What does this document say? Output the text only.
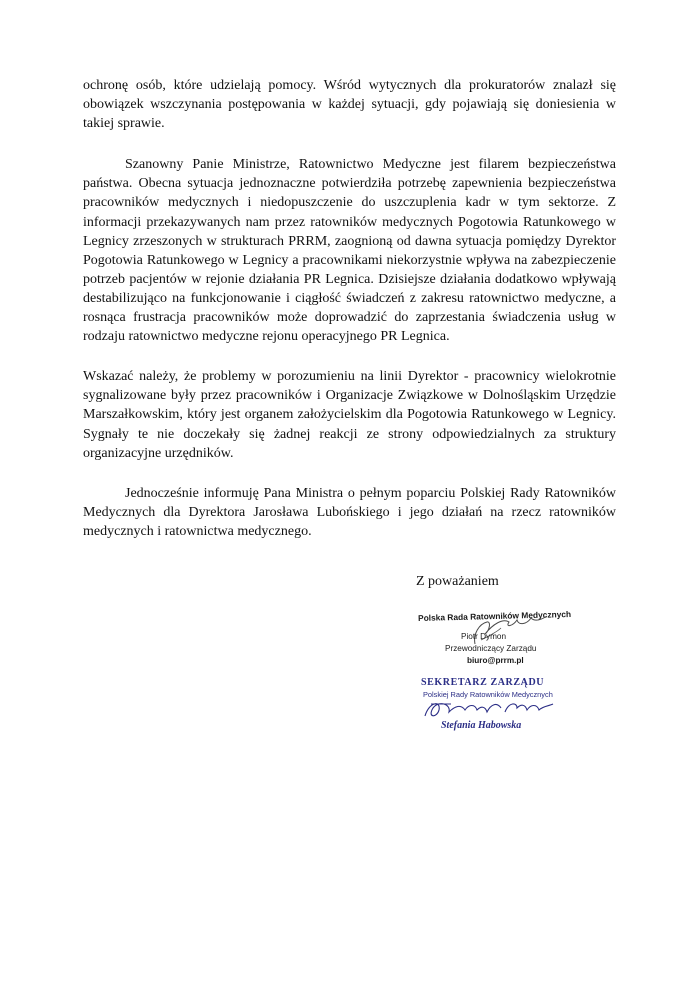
ochronę osób, które udzielają pomocy. Wśród wytycznych dla prokuratorów znalazł się obowiązek wszczynania postępowania w każdej sytuacji, gdy pojawiają się doniesienia w takiej sprawie.

Szanowny Panie Ministrze, Ratownictwo Medyczne jest filarem bezpieczeństwa państwa. Obecna sytuacja jednoznaczne potwierdziła potrzebę zapewnienia bezpieczeństwa pracowników medycznych i niedopuszczenie do uszczuplenia kadr w tym sektorze. Z informacji przekazywanych nam przez ratowników medycznych Pogotowia Ratunkowego w Legnicy zrzeszonych w strukturach PRRM, zaognioną od dawna sytuacja pomiędzy Dyrektor Pogotowia Ratunkowego w Legnicy a pracownikami niekorzystnie wpływa na zabezpieczenie potrzeb pacjentów w rejonie działania PR Legnica. Dzisiejsze działania dodatkowo wpływają destabilizująco na funkcjonowanie i ciągłość świadczeń z zakresu ratownictwo medyczne, a rosnąca frustracja pracowników może doprowadzić do zaprzestania świadczenia usług w rodzaju ratownictwo medyczne rejonu operacyjnego PR Legnica.

Wskazać należy, że problemy w porozumieniu na linii Dyrektor - pracownicy wielokrotnie sygnalizowane były przez pracowników i Organizacje Związkowe w Dolnośląskim Urzędzie Marszałkowskim, który jest organem założycielskim dla Pogotowia Ratunkowego w Legnicy. Sygnały te nie doczekały się żadnej reakcji ze strony odpowiedzialnych za struktury organizacyjne urzędników.

Jednocześnie informuję Pana Ministra o pełnym poparciu Polskiej Rady Ratowników Medycznych dla Dyrektora Jarosława Lubońskiego i jego działań na rzecz ratowników medycznych i ratownictwa medycznego.

Z poważaniem
Polska Rada Ratowników Medycznych
Piotr Dymon
Przewodniczący Zarządu
biuro@prrm.pl
SEKRETARZ ZARZĄDU
Polskiej Rady Ratowników Medycznych
Stefania Habowska
